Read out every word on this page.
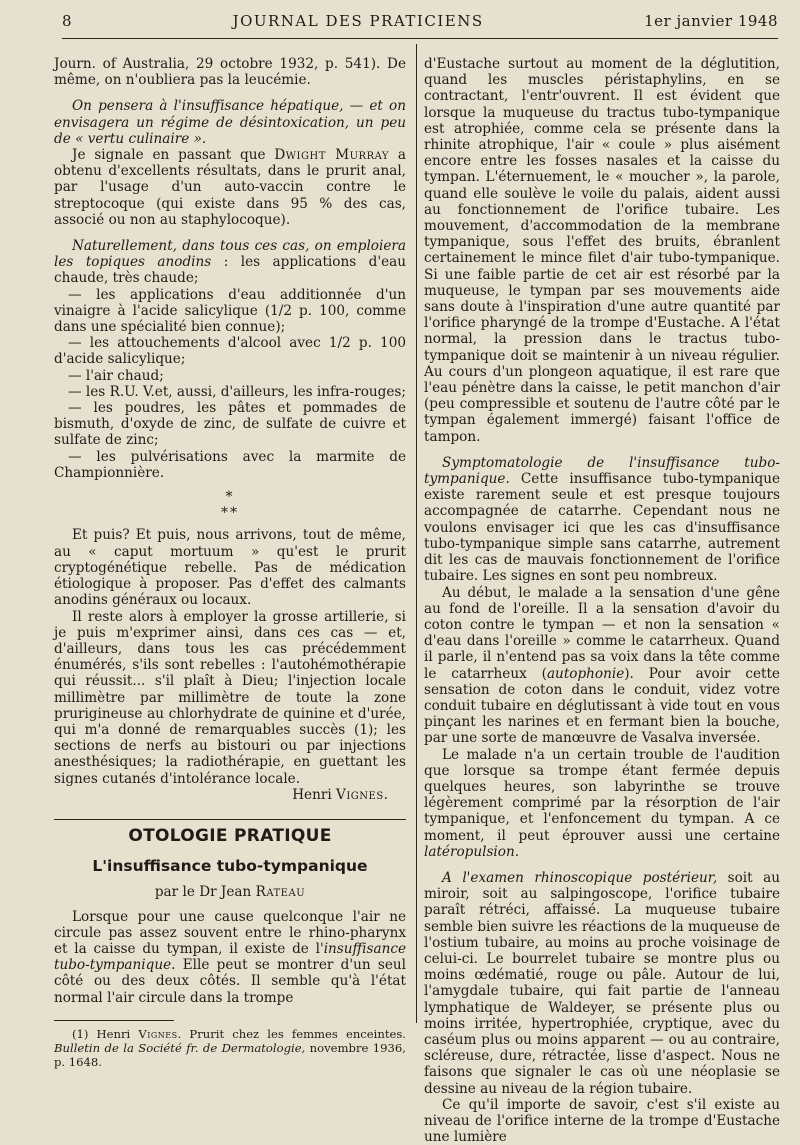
8	JOURNAL DES PRATICIENS	1er janvier 1948

Journ. of Australia, 29 octobre 1932, p. 541). De même, on n'oubliera pas la leucémie.

On pensera à l'insuffisance hépatique, — et on envisagera un régime de désintoxication, un peu de « vertu culinaire ».

Je signale en passant que Dwight Murray a obtenu d'excellents résultats, dans le prurit anal, par l'usage d'un auto-vaccin contre le streptocoque (qui existe dans 95 % des cas, associé ou non au staphylocoque).

Naturellement, dans tous ces cas, on emploiera les topiques anodins : les applications d'eau chaude, très chaude;

— les applications d'eau additionnée d'un vinaigre à l'acide salicylique (1/2 p. 100, comme dans une spécialité bien connue);

— les attouchements d'alcool avec 1/2 p. 100 d'acide salicylique;

— l'air chaud;

— les R.U. V.et, aussi, d'ailleurs, les infra-rouges;

— les poudres, les pâtes et pommades de bismuth, d'oxyde de zinc, de sulfate de cuivre et sulfate de zinc;

— les pulvérisations avec la marmite de Championnière.

*
**

Et puis? Et puis, nous arrivons, tout de même, au « caput mortuum » qu'est le prurit cryptogénétique rebelle. Pas de médication étiologique à proposer. Pas d'effet des calmants anodins généraux ou locaux.

Il reste alors à employer la grosse artillerie, si je puis m'exprimer ainsi, dans ces cas — et, d'ailleurs, dans tous les cas précédemment énumérés, s'ils sont rebelles : l'autohémothérapie qui réussit... s'il plaît à Dieu; l'injection locale millimètre par millimètre de toute la zone prurigineuse au chlorhydrate de quinine et d'urée, qui m'a donné de remarquables succès (1); les sections de nerfs au bistouri ou par injections anesthésiques; la radiothérapie, en guettant les signes cutanés d'intolérance locale.

Henri Vignes.

OTOLOGIE PRATIQUE
L'insuffisance tubo-tympanique
par le Dr Jean Rateau

Lorsque pour une cause quelconque l'air ne circule pas assez souvent entre le rhino-pharynx et la caisse du tympan, il existe de l'insuffisance tubo-tympanique. Elle peut se montrer d'un seul côté ou des deux côtés. Il semble qu'à l'état normal l'air circule dans la trompe

(1) Henri Vignes. Prurit chez les femmes enceintes. Bulletin de la Société fr. de Dermatologie, novembre 1936, p. 1648.

d'Eustache surtout au moment de la déglutition, quand les muscles péristaphylins, en se contractant, l'entr'ouvrent. Il est évident que lorsque la muqueuse du tractus tubo-tympanique est atrophiée, comme cela se présente dans la rhinite atrophique, l'air « coule » plus aisément encore entre les fosses nasales et la caisse du tympan. L'éternuement, le « moucher », la parole, quand elle soulève le voile du palais, aident aussi au fonctionnement de l'orifice tubaire. Les mouvement, d'accommodation de la membrane tympanique, sous l'effet des bruits, ébranlent certainement le mince filet d'air tubo-tympanique. Si une faible partie de cet air est résorbé par la muqueuse, le tympan par ses mouvements aide sans doute à l'inspiration d'une autre quantité par l'orifice pharyngé de la trompe d'Eustache. A l'état normal, la pression dans le tractus tubo-tympanique doit se maintenir à un niveau régulier. Au cours d'un plongeon aquatique, il est rare que l'eau pénètre dans la caisse, le petit manchon d'air (peu compressible et soutenu de l'autre côté par le tympan également immergé) faisant l'office de tampon.

Symptomatologie de l'insuffisance tubo-tympanique. Cette insuffisance tubo-tympanique existe rarement seule et est presque toujours accompagnée de catarrhe. Cependant nous ne voulons envisager ici que les cas d'insuffisance tubo-tympanique simple sans catarrhe, autrement dit les cas de mauvais fonctionnement de l'orifice tubaire. Les signes en sont peu nombreux.

Au début, le malade a la sensation d'une gêne au fond de l'oreille. Il a la sensation d'avoir du coton contre le tympan — et non la sensation « d'eau dans l'oreille » comme le catarrheux. Quand il parle, il n'entend pas sa voix dans la tête comme le catarrheux (autophonie). Pour avoir cette sensation de coton dans le conduit, videz votre conduit tubaire en déglutissant à vide tout en vous pinçant les narines et en fermant bien la bouche, par une sorte de manœuvre de Vasalva inversée.

Le malade n'a un certain trouble de l'audition que lorsque sa trompe étant fermée depuis quelques heures, son labyrinthe se trouve légèrement comprimé par la résorption de l'air tympanique, et l'enfoncement du tympan. A ce moment, il peut éprouver aussi une certaine latéropulsion.

A l'examen rhinoscopique postérieur, soit au miroir, soit au salpingoscope, l'orifice tubaire paraît rétréci, affaissé. La muqueuse tubaire semble bien suivre les réactions de la muqueuse de l'ostium tubaire, au moins au proche voisinage de celui-ci. Le bourrelet tubaire se montre plus ou moins œdématié, rouge ou pâle. Autour de lui, l'amygdale tubaire, qui fait partie de l'anneau lymphatique de Waldeyer, se présente plus ou moins irritée, hypertrophiée, cryptique, avec du caséum plus ou moins apparent — ou au contraire, scléreuse, dure, rétractée, lisse d'aspect. Nous ne faisons que signaler le cas où une néoplasie se dessine au niveau de la région tubaire.

Ce qu'il importe de savoir, c'est s'il existe au niveau de l'orifice interne de la trompe d'Eustache une lumière
